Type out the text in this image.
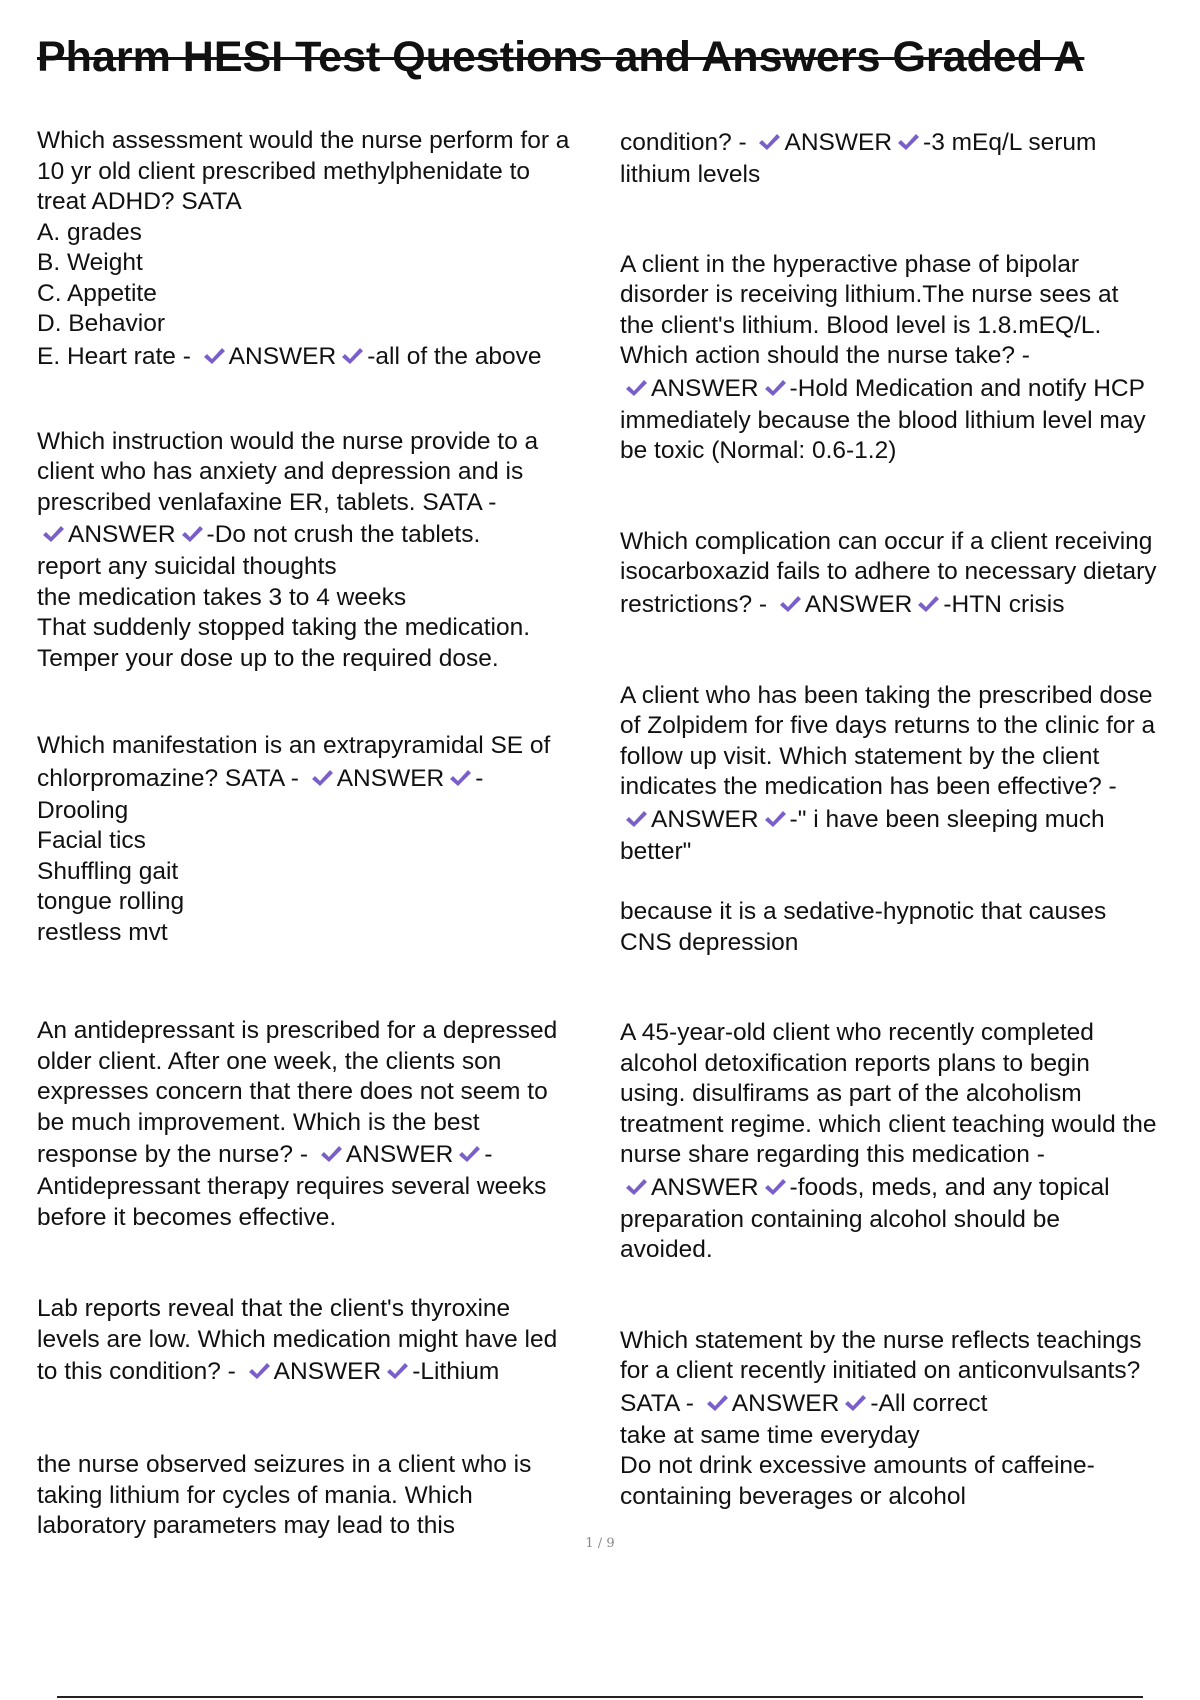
Pharm HESI Test Questions and Answers Graded A
Which assessment would the nurse perform for a
10 yr old client prescribed methylphenidate to
treat ADHD? SATA
A. grades
B. Weight
C. Appetite
D. Behavior
E. Heart rate -
ANSWER -all of the above
Which instruction would the nurse provide to a
client who has anxiety and depression and is
prescribed venlafaxine ER, tablets. SATA -
ANSWER -Do not crush the tablets.
report any suicidal thoughts
the medication takes 3 to 4 weeks
That suddenly stopped taking the medication.
Temper your dose up to the required dose.
Which manifestation is an extrapyramidal SE of
chlorpromazine? SATA -
ANSWER -
Drooling
Facial tics
Shuffling gait
tongue rolling
restless mvt
An antidepressant is prescribed for a depressed
older client. After one week, the clients son
expresses concern that there does not seem to
be much improvement. Which is the best
response by the nurse? -
ANSWER -
Antidepressant therapy requires several weeks
before it becomes effective.
Lab reports reveal that the client's thyroxine
levels are low. Which medication might have led
to this condition? -
ANSWER -Lithium
the nurse observed seizures in a client who is
taking lithium for cycles of mania. Which
laboratory parameters may lead to this
condition? -
ANSWER -3 mEq/L serum
lithium levels
A client in the hyperactive phase of bipolar
disorder is receiving lithium.The nurse sees at
the client's lithium. Blood level is 1.8.mEQ/L.
Which action should the nurse take? -
ANSWER -Hold Medication and notify HCP
immediately because the blood lithium level may
be toxic (Normal: 0.6-1.2)
Which complication can occur if a client receiving
isocarboxazid fails to adhere to necessary dietary
restrictions? -
ANSWER -HTN crisis
A client who has been taking the prescribed dose
of Zolpidem for five days returns to the clinic for a
follow up visit. Which statement by the client
indicates the medication has been effective? -
ANSWER -" i have been sleeping much
better"
because it is a sedative-hypnotic that causes
CNS depression
A 45-year-old client who recently completed
alcohol detoxification reports plans to begin
using. disulfirams as part of the alcoholism
treatment regime. which client teaching would the
nurse share regarding this medication -
ANSWER -foods, meds, and any topical
preparation containing alcohol should be
avoided.
Which statement by the nurse reflects teachings
for a client recently initiated on anticonvulsants?
SATA -
ANSWER -All correct
take at same time everyday
Do not drink excessive amounts of caffeine-
containing beverages or alcohol
1 / 9
